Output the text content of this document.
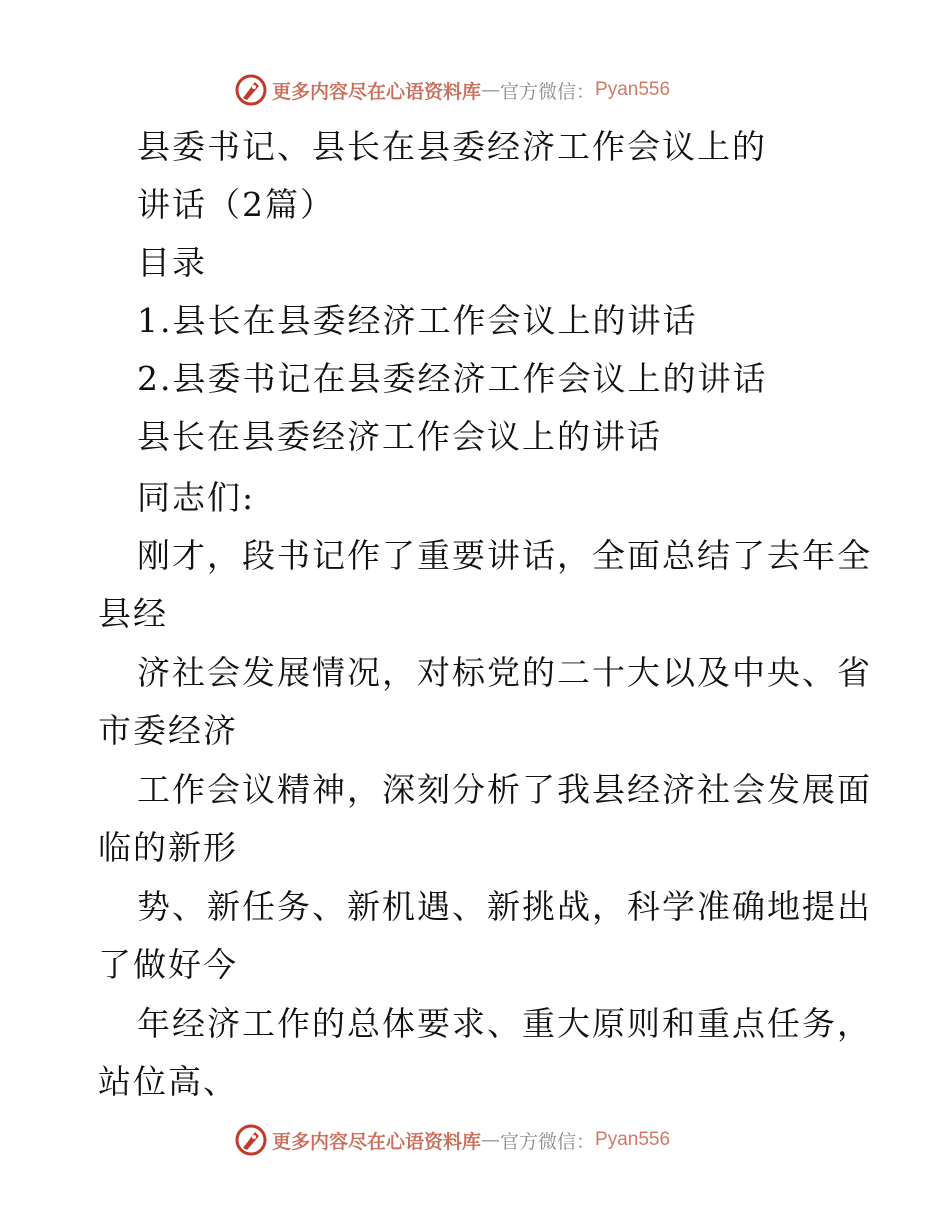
更多内容尽在心语资料库 — 官方微信： Pyan556
县委书记、县长在县委经济工作会议上的
讲话（2篇）
目录
1.县长在县委经济工作会议上的讲话
2.县委书记在县委经济工作会议上的讲话
县长在县委经济工作会议上的讲话
同志们:
刚才，段书记作了重要讲话，全面总结了去年全
县经
济社会发展情况，对标党的二十大以及中央、省
市委经济
工作会议精神，深刻分析了我县经济社会发展面
临的新形
势、新任务、新机遇、新挑战，科学准确地提出
了做好今
年经济工作的总体要求、重大原则和重点任务，
站位高、
更多内容尽在心语资料库 — 官方微信： Pyan556
